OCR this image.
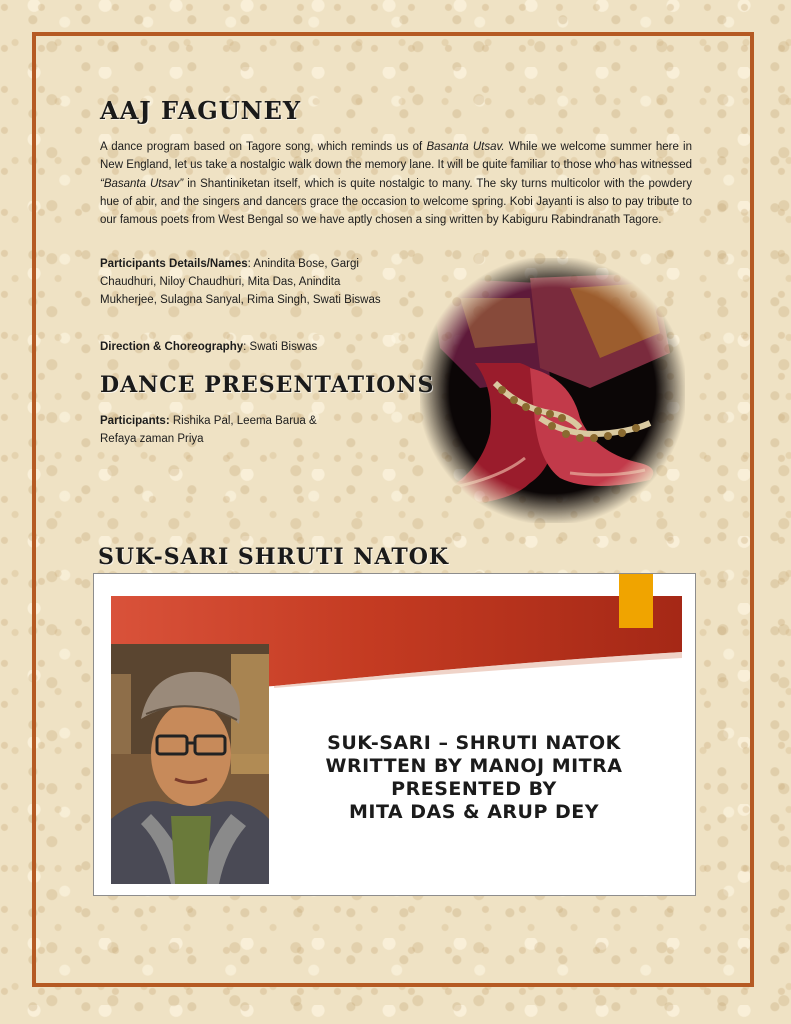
AAJ FAGUNEY

A dance program based on Tagore song, which reminds us of Basanta Utsav. While we welcome summer here in New England, let us take a nostalgic walk down the memory lane. It will be quite familiar to those who has witnessed “Basanta Utsav” in Shantiniketan itself, which is quite nostalgic to many. The sky turns multicolor with the powdery hue of abir, and the singers and dancers grace the occasion to welcome spring. Kobi Jayanti is also to pay tribute to our famous poets from West Bengal so we have aptly chosen a sing written by Kabiguru Rabindranath Tagore.

Participants Details/Names: Anindita Bose, Gargi Chaudhuri, Niloy Chaudhuri, Mita Das, Anindita Mukherjee, Sulagna Sanyal, Rima Singh, Swati Biswas

Direction & Choreography: Swati Biswas

DANCE PRESENTATIONS

Participants: Rishika Pal, Leema Barua & Refaya zaman Priya

SUK-SARI SHRUTI NATOK
SUK-SARI – SHRUTI NATOK
WRITTEN BY MANOJ MITRA
PRESENTED BY
MITA DAS & ARUP DEY
